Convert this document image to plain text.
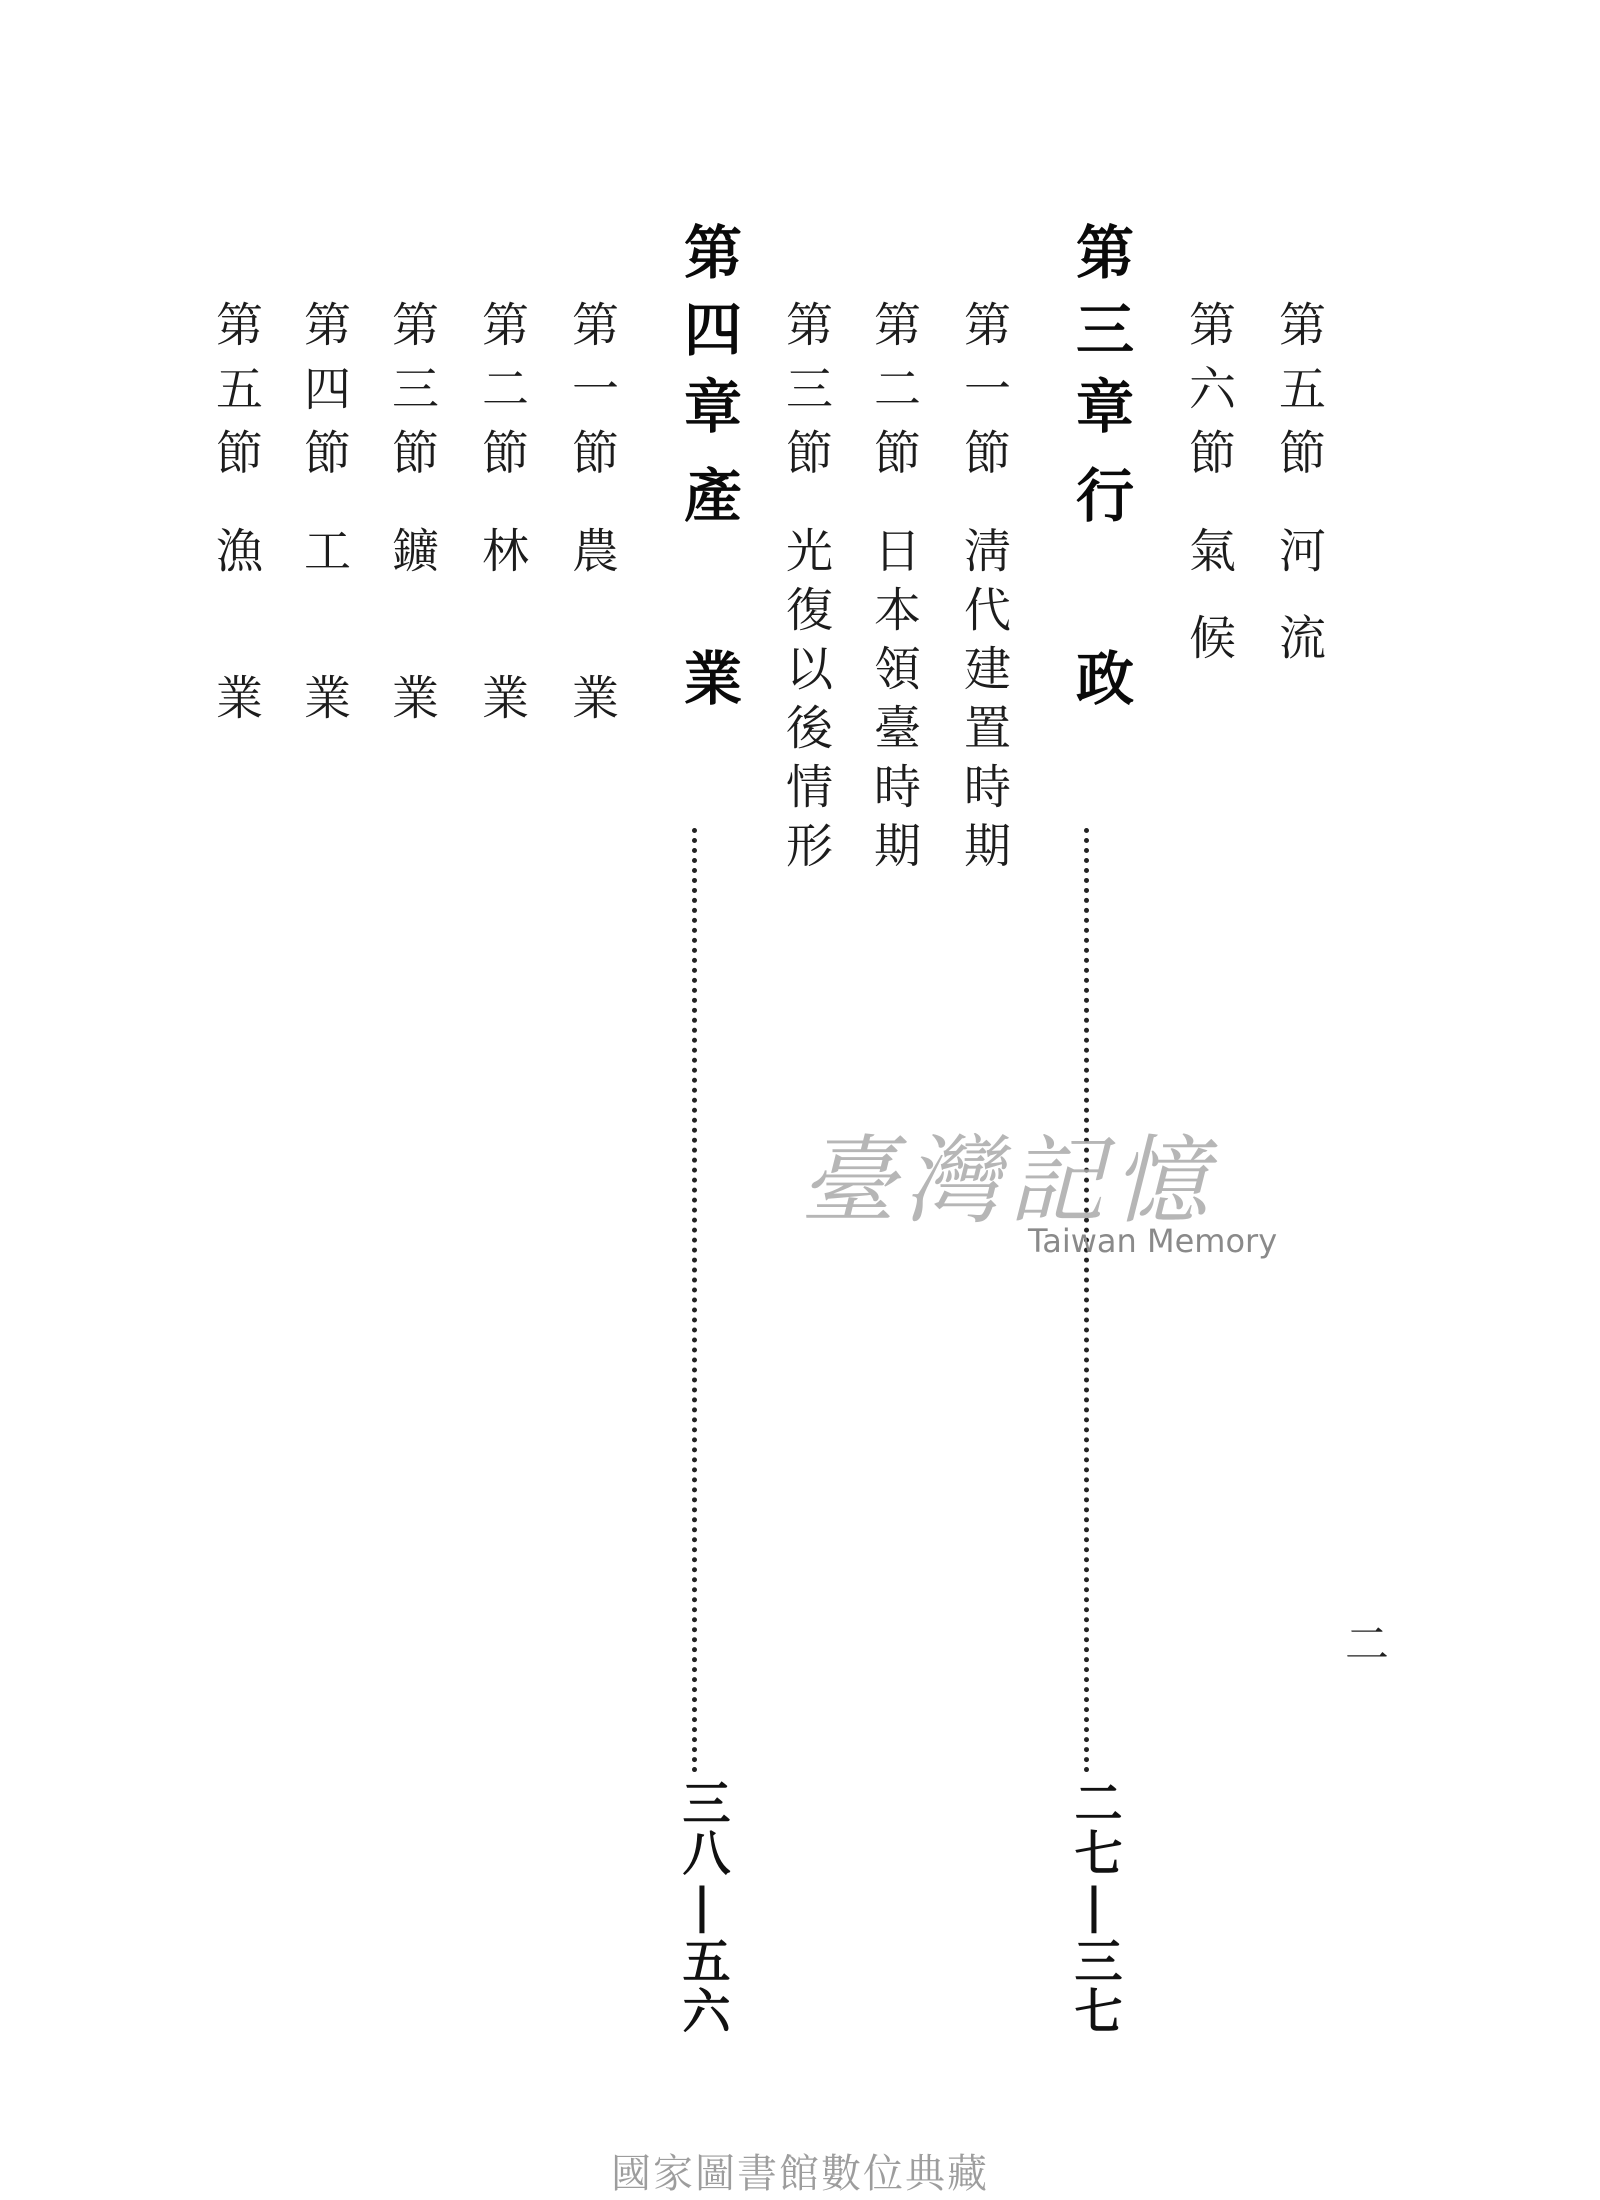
第五節河流

第六節氣候

第三章行政

二七|三七

第一節淸代建置時期

第二節日本領臺時期

第三節光復以後情形

第四章產業

三八|五六

第一節農業

第二節林業

第三節鑛業

第四節工業

第五節漁業

二
臺灣記憶
Taiwan Memory
國家圖書館數位典藏
